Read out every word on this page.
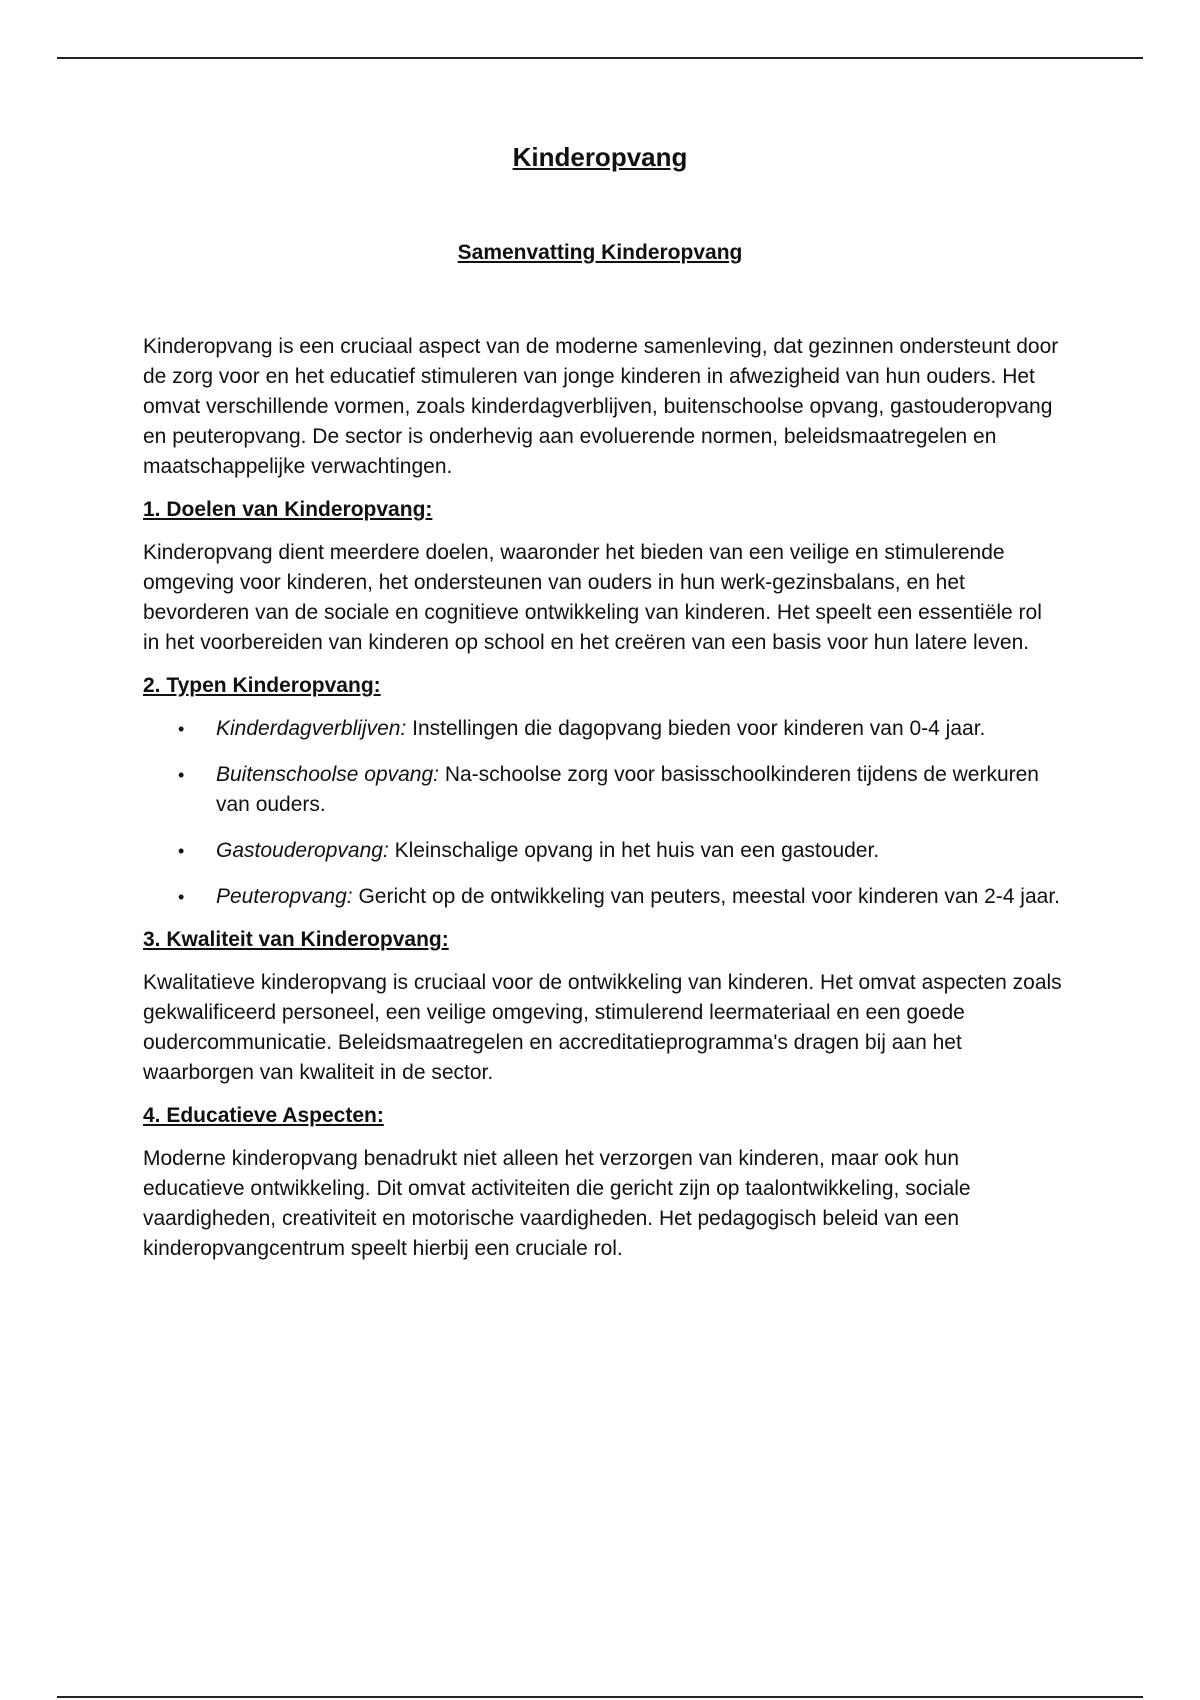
Kinderopvang
Samenvatting Kinderopvang

Kinderopvang is een cruciaal aspect van de moderne samenleving, dat gezinnen ondersteunt door de zorg voor en het educatief stimuleren van jonge kinderen in afwezigheid van hun ouders. Het omvat verschillende vormen, zoals kinderdagverblijven, buitenschoolse opvang, gastouderopvang en peuteropvang. De sector is onderhevig aan evoluerende normen, beleidsmaatregelen en maatschappelijke verwachtingen.

1. Doelen van Kinderopvang:

Kinderopvang dient meerdere doelen, waaronder het bieden van een veilige en stimulerende omgeving voor kinderen, het ondersteunen van ouders in hun werk-gezinsbalans, en het bevorderen van de sociale en cognitieve ontwikkeling van kinderen. Het speelt een essentiële rol in het voorbereiden van kinderen op school en het creëren van een basis voor hun latere leven.

2. Typen Kinderopvang:
• Kinderdagverblijven: Instellingen die dagopvang bieden voor kinderen van 0-4 jaar.
• Buitenschoolse opvang: Na-schoolse zorg voor basisschoolkinderen tijdens de werkuren van ouders.
• Gastouderopvang: Kleinschalige opvang in het huis van een gastouder.
• Peuteropvang: Gericht op de ontwikkeling van peuters, meestal voor kinderen van 2-4 jaar.
3. Kwaliteit van Kinderopvang:

Kwalitatieve kinderopvang is cruciaal voor de ontwikkeling van kinderen. Het omvat aspecten zoals gekwalificeerd personeel, een veilige omgeving, stimulerend leermateriaal en een goede oudercommunicatie. Beleidsmaatregelen en accreditatieprogramma's dragen bij aan het waarborgen van kwaliteit in de sector.

4. Educatieve Aspecten:

Moderne kinderopvang benadrukt niet alleen het verzorgen van kinderen, maar ook hun educatieve ontwikkeling. Dit omvat activiteiten die gericht zijn op taalontwikkeling, sociale vaardigheden, creativiteit en motorische vaardigheden. Het pedagogisch beleid van een kinderopvangcentrum speelt hierbij een cruciale rol.
